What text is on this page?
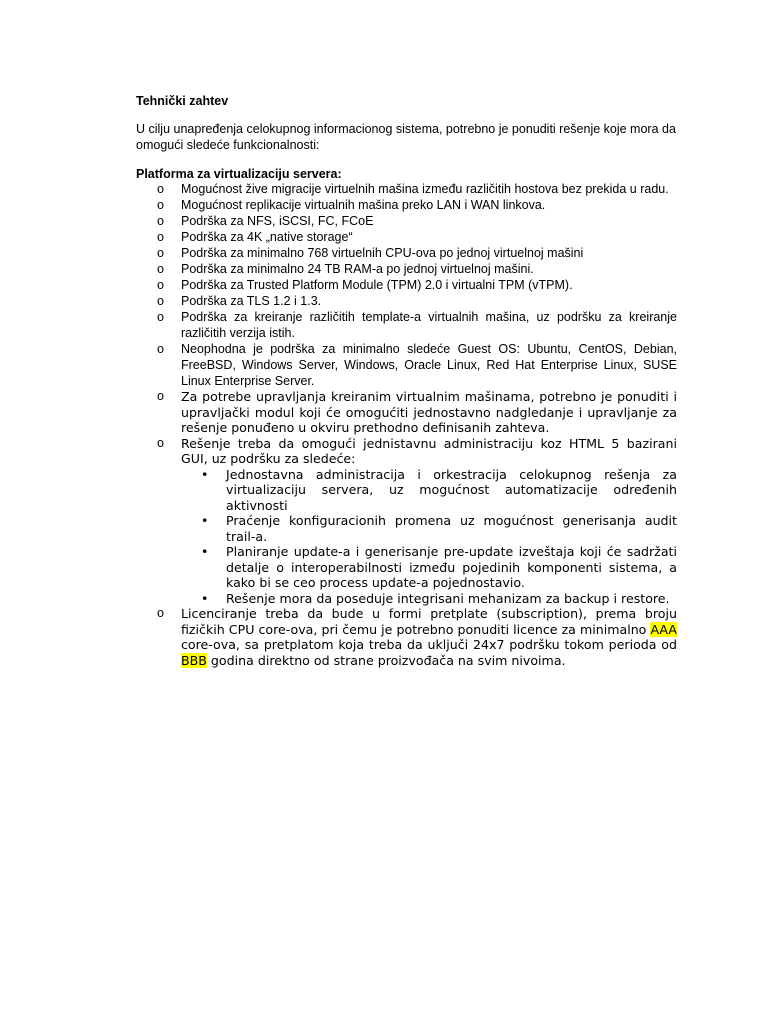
Tehnički zahtev
U cilju unapređenja celokupnog informacionog sistema, potrebno je ponuditi rešenje koje mora da omogući sledeće funkcionalnosti:
Platforma za virtualizaciju servera:
o Mogućnost žive migracije virtuelnih mašina između različitih hostova bez prekida u radu.
o Mogućnost replikacije virtualnih mašina preko LAN i WAN linkova.
o Podrška za NFS, iSCSI, FC, FCoE
o Podrška za 4K „native storage“
o Podrška za minimalno 768 virtuelnih CPU-ova po jednoj virtuelnoj mašini
o Podrška za minimalno 24 TB RAM-a po jednoj virtuelnoj mašini.
o Podrška za Trusted Platform Module (TPM) 2.0 i virtualni TPM (vTPM).
o Podrška za TLS 1.2 i 1.3.
o Podrška za kreiranje različitih template-a virtualnih mašina, uz podršku za kreiranje različitih verzija istih.
o Neophodna je podrška za minimalno sledeće Guest OS: Ubuntu, CentOS, Debian, FreeBSD, Windows Server, Windows, Oracle Linux, Red Hat Enterprise Linux, SUSE Linux Enterprise Server.
o Za potrebe upravljanja kreiranim virtualnim mašinama, potrebno je ponuditi i upravljački modul koji će omogućiti jednostavno nadgledanje i upravljanje za rešenje ponuđeno u okviru prethodno definisanih zahteva.
o Rešenje treba da omogući jednistavnu administraciju koz HTML 5 bazirani GUI, uz podršku za sledeće:
• Jednostavna administracija i orkestracija celokupnog rešenja za virtualizaciju servera, uz mogućnost automatizacije određenih aktivnosti
• Praćenje konfiguracionih promena uz mogućnost generisanja audit trail-a.
• Planiranje update-a i generisanje pre-update izveštaja koji će sadržati detalje o interoperabilnosti između pojedinih komponenti sistema, a kako bi se ceo process update-a pojednostavio.
• Rešenje mora da poseduje integrisani mehanizam za backup i restore.
o Licenciranje treba da bude u formi pretplate (subscription), prema broju fizičkih CPU core-ova, pri čemu je potrebno ponuditi licence za minimalno AAA core-ova, sa pretplatom koja treba da uključi 24x7 podršku tokom perioda od BBB godina direktno od strane proizvođača na svim nivoima.
